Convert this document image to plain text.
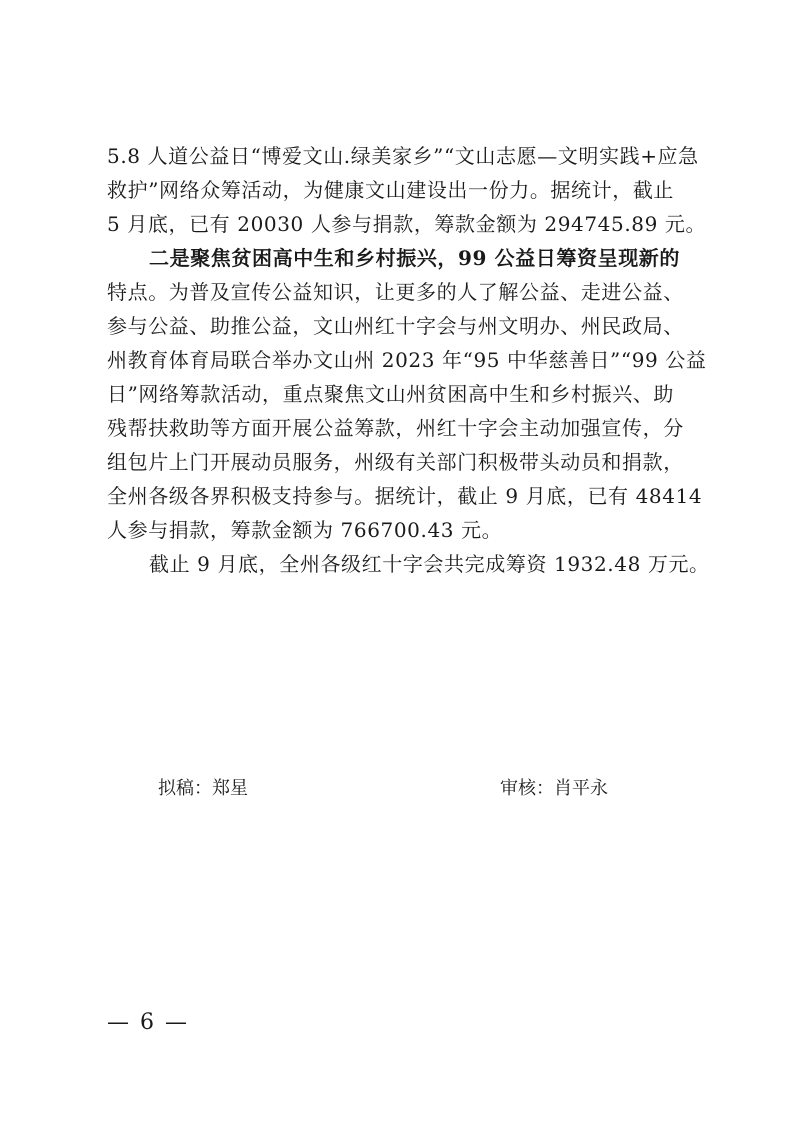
5.8 人道公益日“博爱文山.绿美家乡”“文山志愿—文明实践+应急
救护”网络众筹活动，为健康文山建设出一份力。据统计，截止
5 月底，已有 20030 人参与捐款，筹款金额为 294745.89 元。
二是聚焦贫困高中生和乡村振兴，99 公益日筹资呈现新的
特点。为普及宣传公益知识，让更多的人了解公益、走进公益、
参与公益、助推公益，文山州红十字会与州文明办、州民政局、
州教育体育局联合举办文山州 2023 年“95 中华慈善日”“99 公益
日”网络筹款活动，重点聚焦文山州贫困高中生和乡村振兴、助
残帮扶救助等方面开展公益筹款，州红十字会主动加强宣传，分
组包片上门开展动员服务，州级有关部门积极带头动员和捐款，
全州各级各界积极支持参与。据统计，截止 9 月底，已有 48414
人参与捐款，筹款金额为 766700.43 元。
截止 9 月底，全州各级红十字会共完成筹资 1932.48 万元。
拟稿：郑星	审核：肖平永
— 6 —
